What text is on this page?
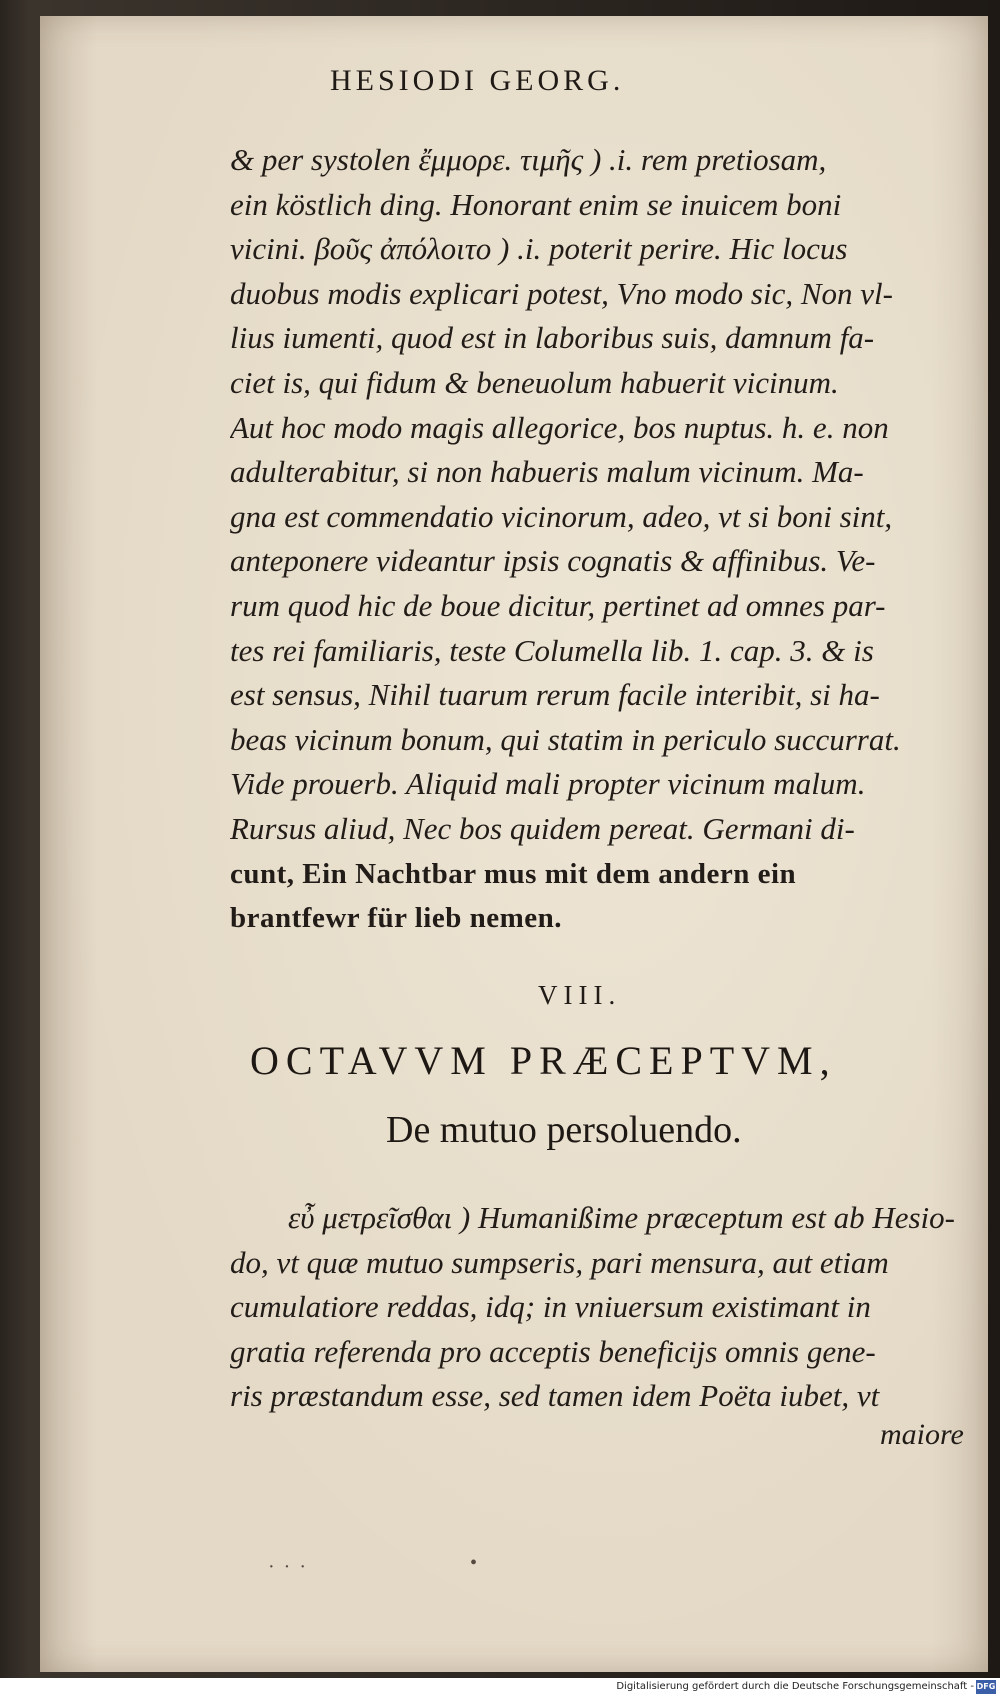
HESIODI GEORG.
& per systolen ἔμμορε. τιμῆς ) .i. rem pretiosam,
ein köstlich ding. Honorant enim se inuicem boni
vicini. βοῦς ἀπόλοιτο ) .i. poterit perire. Hic locus
duobus modis explicari potest, Vno modo sic, Non vl-
lius iumenti, quod est in laboribus suis, damnum fa-
ciet is, qui fidum & beneuolum habuerit vicinum.
Aut hoc modo magis allegorice, bos nuptus. h. e. non
adulterabitur, si non habueris malum vicinum. Ma-
gna est commendatio vicinorum, adeo, vt si boni sint,
anteponere videantur ipsis cognatis & affinibus. Ve-
rum quod hic de boue dicitur, pertinet ad omnes par-
tes rei familiaris, teste Columella lib. 1. cap. 3. & is
est sensus, Nihil tuarum rerum facile interibit, si ha-
beas vicinum bonum, qui statim in periculo succurrat.
Vide prouerb. Aliquid mali propter vicinum malum.
Rursus aliud, Nec bos quidem pereat. Germani di-
cunt, Ein Nachtbar mus mit dem andern ein
brantfewr für lieb nemen.
VIII.
OCTAVVM PRÆCEPTVM,
De mutuo persoluendo.
εὖ μετρεῖσθαι ) Humanißime præceptum est ab Hesio-
do, vt quæ mutuo sumpseris, pari mensura, aut etiam
cumulatiore reddas, idq; in vniuersum existimant in
gratia referenda pro acceptis beneficijs omnis gene-
ris præstandum esse, sed tamen idem Poëta iubet, vt
maiore
· · ·	•
Digitalisierung gefördert durch die Deutsche Forschungsgemeinschaft - DFG
